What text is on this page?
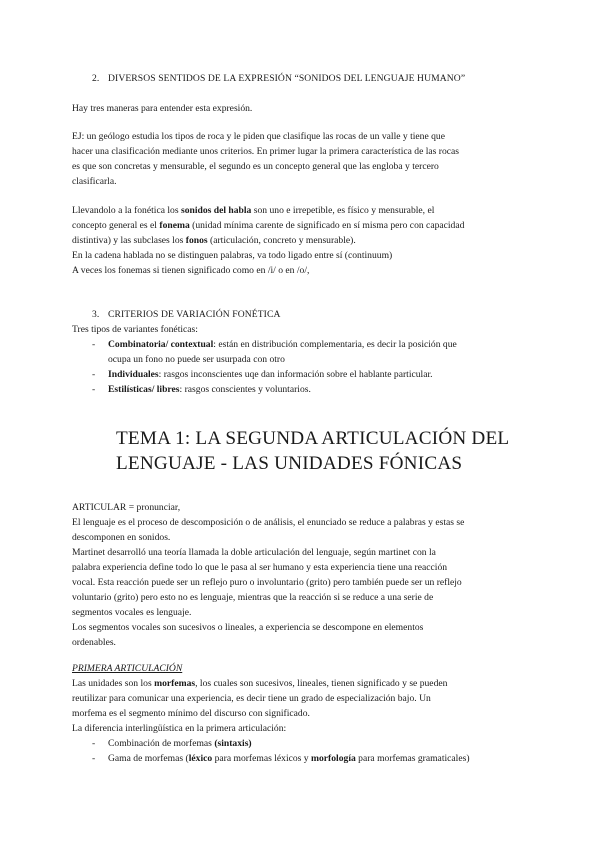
2. DIVERSOS SENTIDOS DE LA EXPRESIÓN “SONIDOS DEL LENGUAJE HUMANO”
Hay tres maneras para entender esta expresión.
EJ: un geólogo estudia los tipos de roca y le piden que clasifique las rocas de un valle y tiene que
hacer una clasificación mediante unos criterios. En primer lugar la primera característica de las rocas
es que son concretas y mensurable, el segundo es un concepto general que las engloba y tercero
clasificarla.
Llevandolo a la fonética los sonidos del habla son uno e irrepetible, es físico y mensurable, el
concepto general es el fonema (unidad mínima carente de significado en sí misma pero con capacidad
distintiva) y las subclases los fonos (articulación, concreto y mensurable).
En la cadena hablada no se distinguen palabras, va todo ligado entre sí (continuum)
A veces los fonemas si tienen significado como en /i/ o en /o/,
3. CRITERIOS DE VARIACIÓN FONÉTICA
Tres tipos de variantes fonéticas:
- Combinatoria/ contextual: están en distribución complementaria, es decir la posición que
ocupa un fono no puede ser usurpada con otro
- Individuales: rasgos inconscientes uqe dan información sobre el hablante particular.
- Estilísticas/ libres: rasgos conscientes y voluntarios.
TEMA 1: LA SEGUNDA ARTICULACIÓN DEL
LENGUAJE - LAS UNIDADES FÓNICAS
ARTICULAR = pronunciar,
El lenguaje es el proceso de descomposición o de análisis, el enunciado se reduce a palabras y estas se
descomponen en sonidos.
Martinet desarrolló una teoría llamada la doble articulación del lenguaje, según martinet con la
palabra experiencia define todo lo que le pasa al ser humano y esta experiencia tiene una reacción
vocal. Esta reacción puede ser un reflejo puro o involuntario (grito) pero también puede ser un reflejo
voluntario (grito) pero esto no es lenguaje, mientras que la reacción si se reduce a una serie de
segmentos vocales es lenguaje.
Los segmentos vocales son sucesivos o lineales, a experiencia se descompone en elementos
ordenables.
PRIMERA ARTICULACIÓN
Las unidades son los morfemas, los cuales son sucesivos, lineales, tienen significado y se pueden
reutilizar para comunicar una experiencia, es decir tiene un grado de especialización bajo. Un
morfema es el segmento mínimo del discurso con significado.
La diferencia interlingüística en la primera articulación:
- Combinación de morfemas (sintaxis)
- Gama de morfemas (léxico para morfemas léxicos y morfología para morfemas gramaticales)
